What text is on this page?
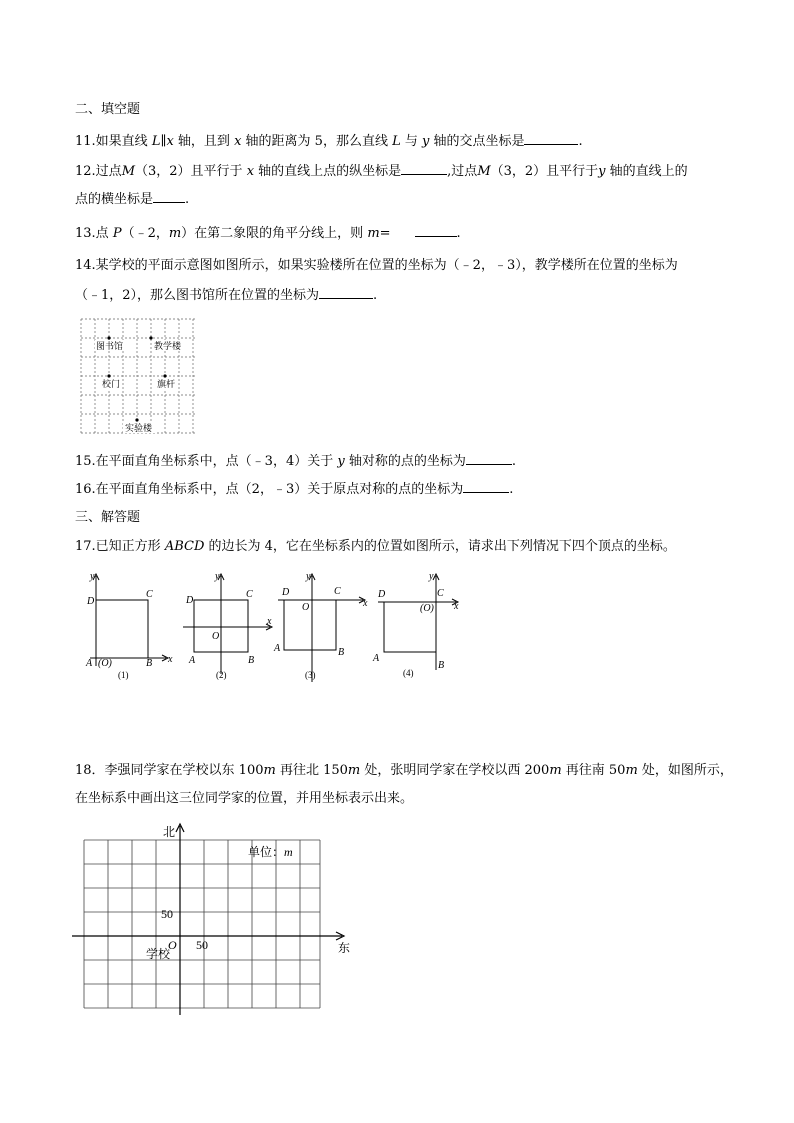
二、填空题
11.如果直线 L∥x 轴，且到 x 轴的距离为 5，那么直线 L 与 y 轴的交点坐标是	.
12.过点M（3，2）且平行于 x 轴的直线上点的纵坐标是	,过点M（3，2）且平行于y 轴的直线上的
点的横坐标是 .
13.点 P（﹣2，m）在第二象限的角平分线上，则 m=	.
14.某学校的平面示意图如图所示，如果实验楼所在位置的坐标为（﹣2，﹣3），教学楼所在位置的坐标为
（﹣1，2），那么图书馆所在位置的坐标为	.
图书馆	教学楼
校门	旗杆
实验楼
15.在平面直角坐标系中，点（﹣3，4）关于 y 轴对称的点的坐标为	.
16.在平面直角坐标系中，点（2，﹣3）关于原点对称的点的坐标为	.
三、解答题
17.已知正方形 ABCD 的边长为 4，它在坐标系内的位置如图所示，请求出下列情况下四个顶点的坐标。
y
x
D
C
A (O)	B
y
x
D
C
O
A	B
y
x
D	C
O
A	B
y
x
D	C
(O)
A
B
(1)	(2)	(3)	(4)
18．李强同学家在学校以东 100m 再往北 150m 处，张明同学家在学校以西 200m 再往南 50m 处，如图所示，
在坐标系中画出这三位同学家的位置，并用坐标表示出来。
北
东
单位：m
50
50
O
学校
